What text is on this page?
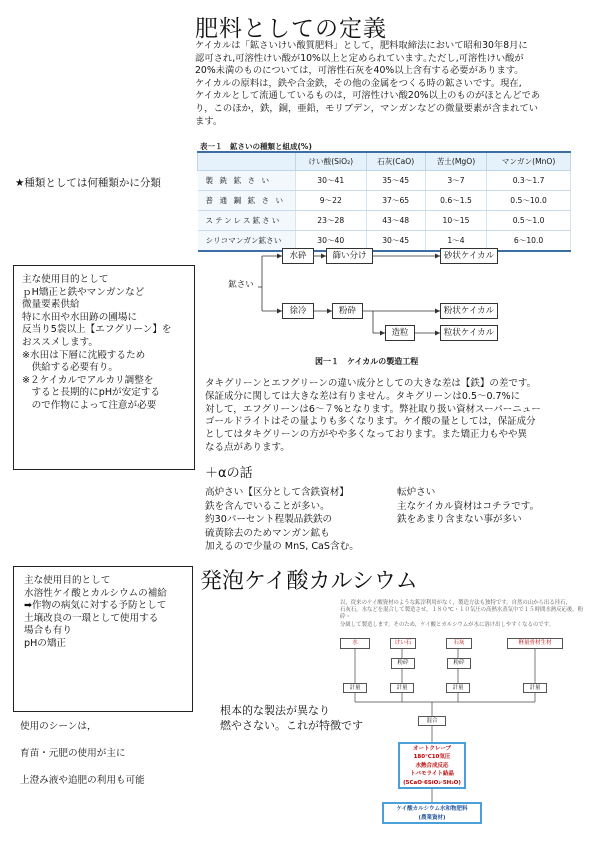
肥料としての定義
ケイカルは「鉱さいけい酸質肥料」として，肥料取締法において昭和30年8月に
認可され,可溶性けい酸が10%以上と定められています｡ただし,可溶性けい酸が
20%未満のものについては，可溶性石灰を40%以上含有する必要があります。
ケイカルの原料は，鉄や合金鉄，その他の金属をつくる時の鉱さいです。現在,
ケイカルとして流通しているものは，可溶性けい酸20%以上のものがほとんどであ
り，このほか，鉄，銅，亜鉛，モリブデン，マンガンなどの微量要素が含まれてい
ます。
表一１　鉱さいの種類と組成(%)
	けい酸(SiO₂)	石灰(CaO)	苦土(MgO)	マンガン(MnO)
製 銑 鉱 さ い	30〜41	35〜45	3〜7	0.3〜1.7
普 通 鋼 鉱 さ い	9〜22	37〜65	0.6〜1.5	0.5〜10.0
ステンレス鉱さい	23〜28	43〜48	10〜15	0.5〜1.0
シリコマンガン鉱さい	30〜40	30〜45	1〜4	6〜10.0
★種類としては何種類かに分類
主な使用目的として
ｐH矯正と鉄やマンガンなど
微量要素供給
特に水田や水田跡の圃場に
反当り5袋以上【エフグリーン】を
おススメします。
※水田は下層に沈殿するため
　供給する必要有り。
※２ケイカルでアルカリ調整を
　すると長期的にpHが安定する
　ので作物によって注意が必要
鉱さい
水砕	篩い分け	砂状ケイカル
徐冷	粉砕	粉状ケイカル
造粒	粒状ケイカル
図一１　ケイカルの製造工程
タキグリーンとエフグリーンの違い成分としての大きな差は【鉄】の差です。
保証成分に関しては大きな差は有りません。タキグリーンは0.5〜0.7%に
対して，エフグリーンは6〜７%となります。弊社取り扱い資材スーパーニュー
ゴールドライトはその量よりも多くなります。ケイ酸の量としては，保証成分
としてはタキグリーンの方がやや多くなっております。また矯正力もやや異
なる点があります。
＋αの話
高炉さい【区分として含鉄資材】
鉄を含んでいることが多い。
約30パーセント程製品鉄鉄の
硫黄除去のためマンガン鉱も
加えるので少量の MnS, CaS含む。
転炉さい
主なケイカル資材はコチラです。
鉄をあまり含まない事が多い
発泡ケイ酸カルシウム
主な使用目的として
水溶性ケイ酸とカルシウムの補給
➡作物の病気に対する予防として
土壌改良の一環として使用する
場合も有り
pHの矯正
使用のシーンは，
育苗・元肥の使用が主に
上澄み液や追肥の利用も可能
根本的な製法が異なり
燃やさない。これが特徴です
以，従来のケイ酸資材のような鉱滓利用がなく，製造方法も独特です。自然の山から出る珪石，
石灰石，水などを混合して製造させ，１８０℃・１０気圧の高熱水蒸気中で１５時間水熱反応後，粉砕・
分級して製造します。そのため，ケイ酸とカルシウムが水に溶け出しやすくなるのです。
水	けい石	石灰	軽量骨材生材
粉砕	粉砕
計量	計量	計量	計量
混合
オートクレーブ
180℃10気圧
水熱合成反応
トバモライト結晶
(5CaO·6SiO₂·5H₂O)
ケイ酸カルシウム水和物肥料
(農業資材)
